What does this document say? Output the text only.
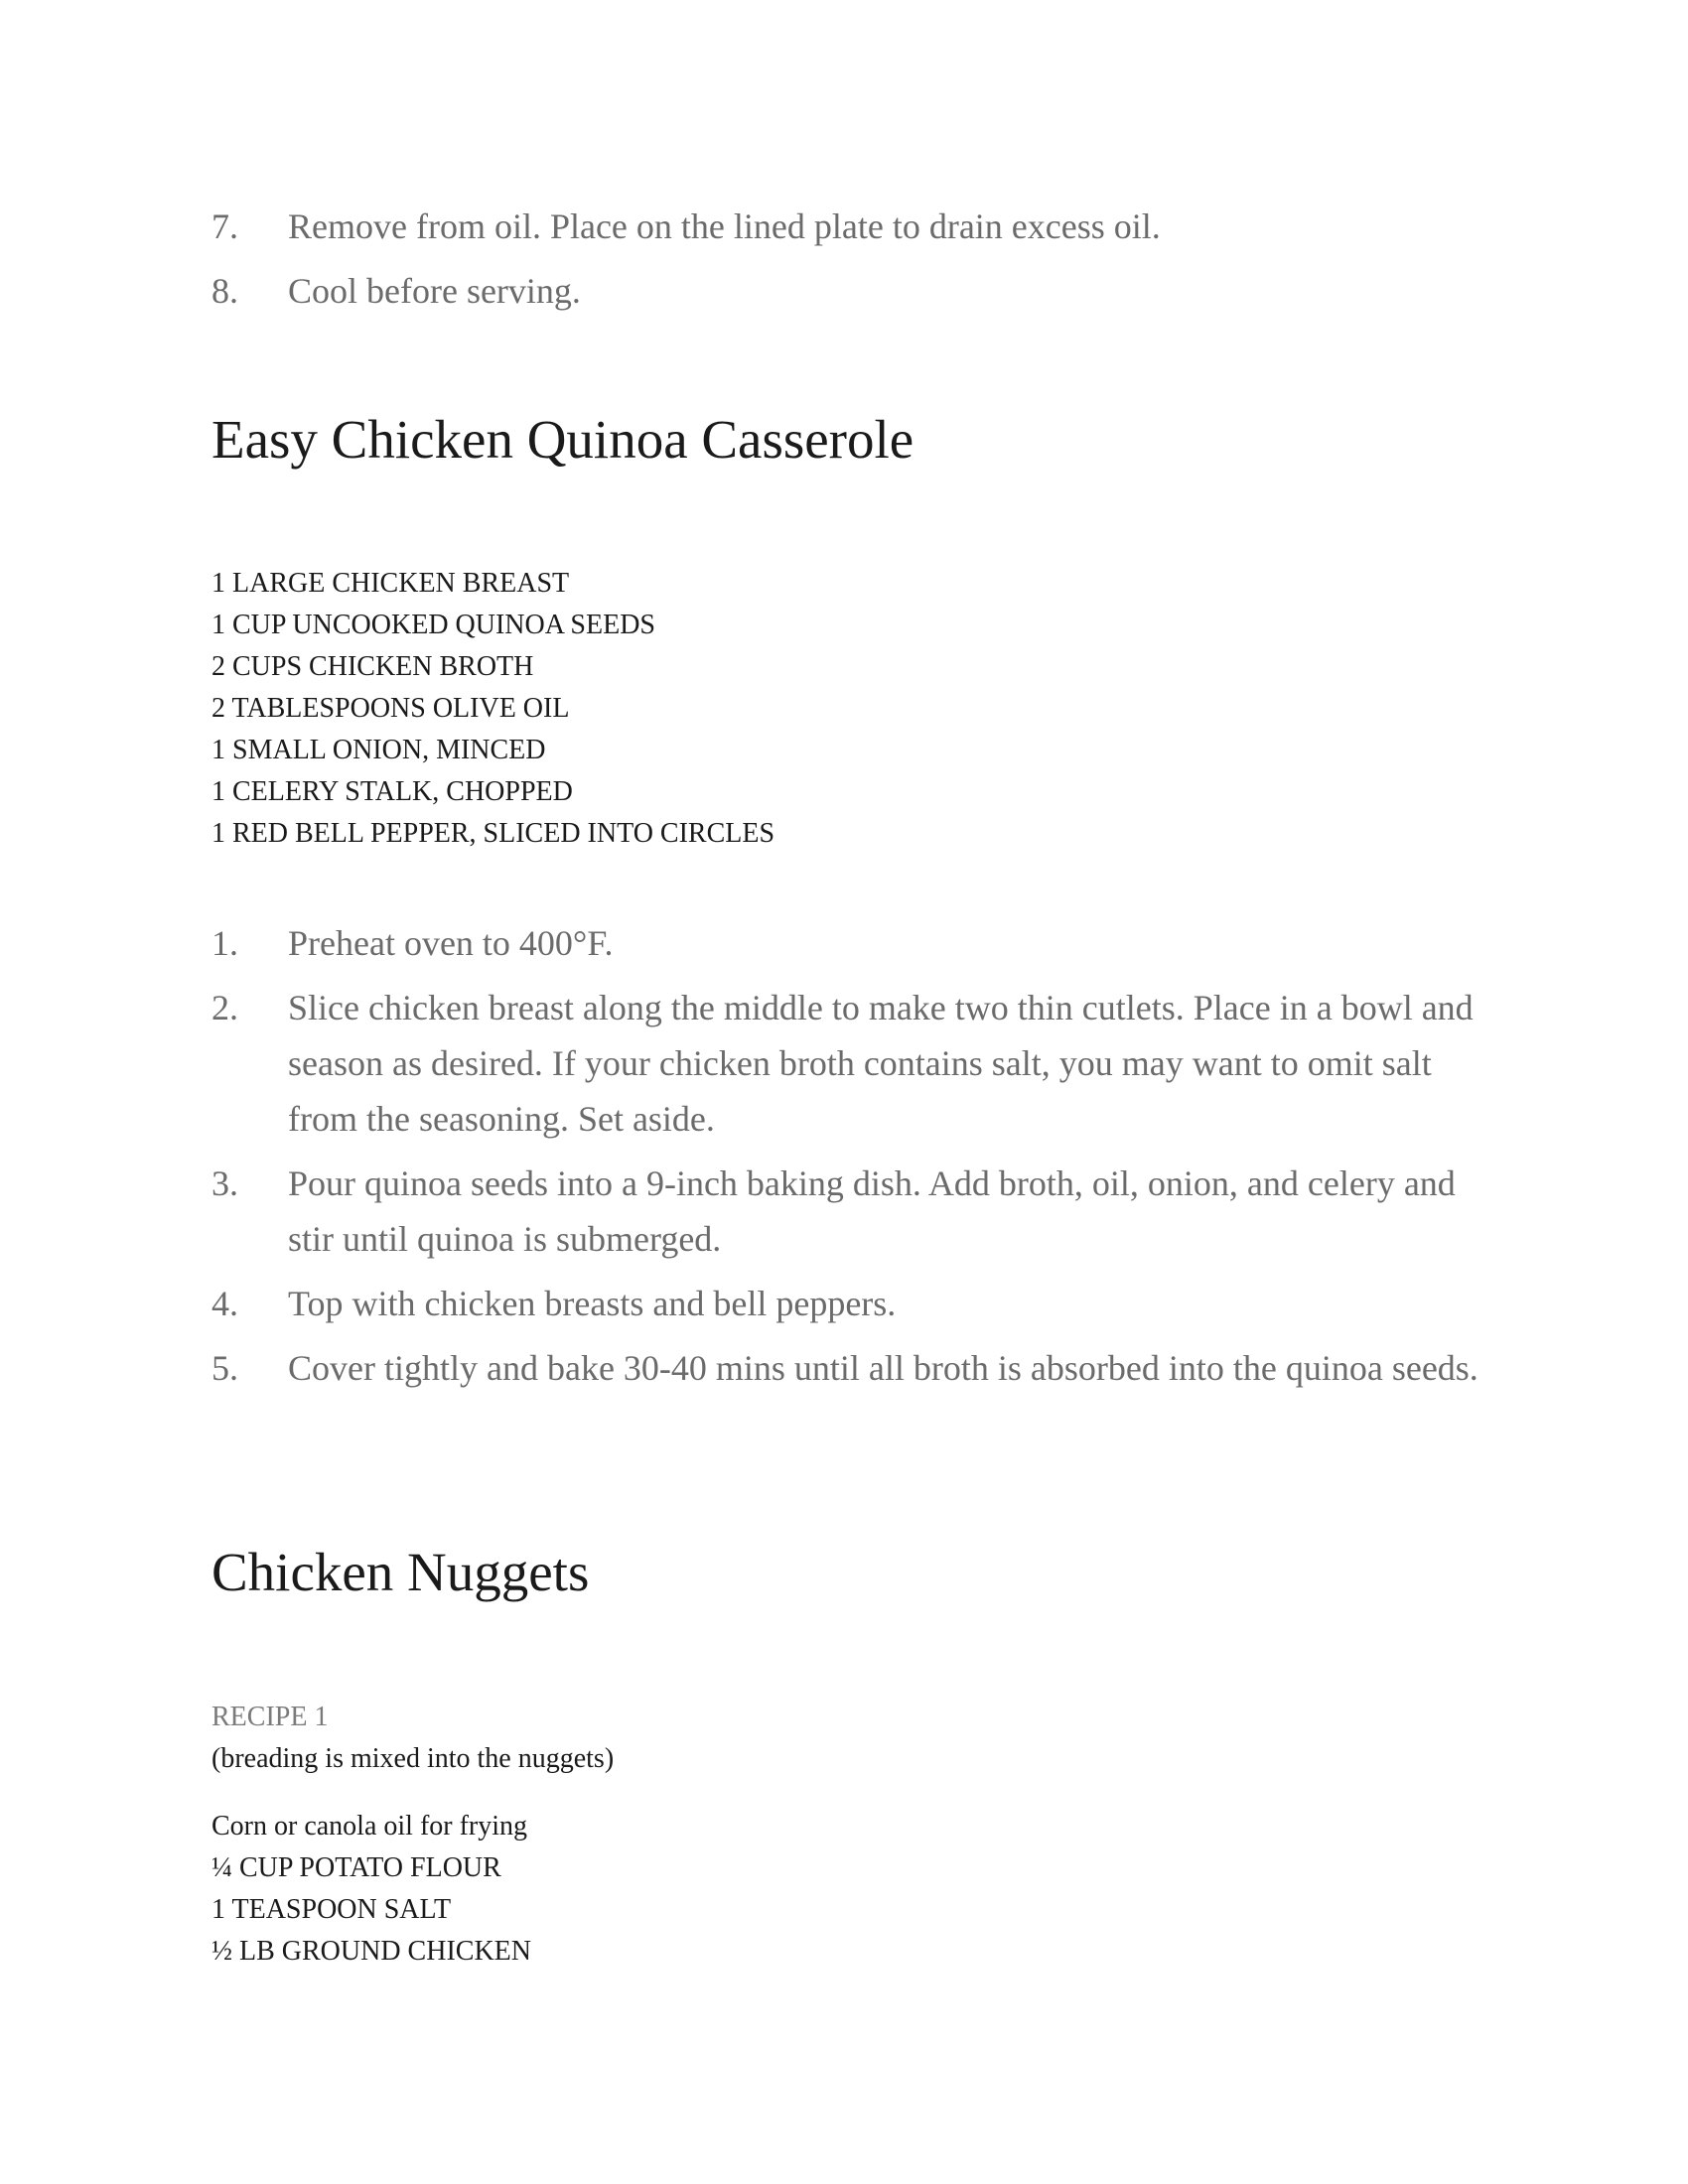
7. Remove from oil. Place on the lined plate to drain excess oil.
8. Cool before serving.
Easy Chicken Quinoa Casserole
1 LARGE CHICKEN BREAST
1 CUP UNCOOKED QUINOA SEEDS
2 CUPS CHICKEN BROTH
2 TABLESPOONS OLIVE OIL
1 SMALL ONION, MINCED
1 CELERY STALK, CHOPPED
1 RED BELL PEPPER, SLICED INTO CIRCLES
1. Preheat oven to 400°F.
2. Slice chicken breast along the middle to make two thin cutlets. Place in a bowl and season as desired. If your chicken broth contains salt, you may want to omit salt from the seasoning. Set aside.
3. Pour quinoa seeds into a 9-inch baking dish. Add broth, oil, onion, and celery and stir until quinoa is submerged.
4. Top with chicken breasts and bell peppers.
5. Cover tightly and bake 30-40 mins until all broth is absorbed into the quinoa seeds.
Chicken Nuggets
RECIPE 1
(breading is mixed into the nuggets)
Corn or canola oil for frying
¼ CUP POTATO FLOUR
1 TEASPOON SALT
½ LB GROUND CHICKEN
